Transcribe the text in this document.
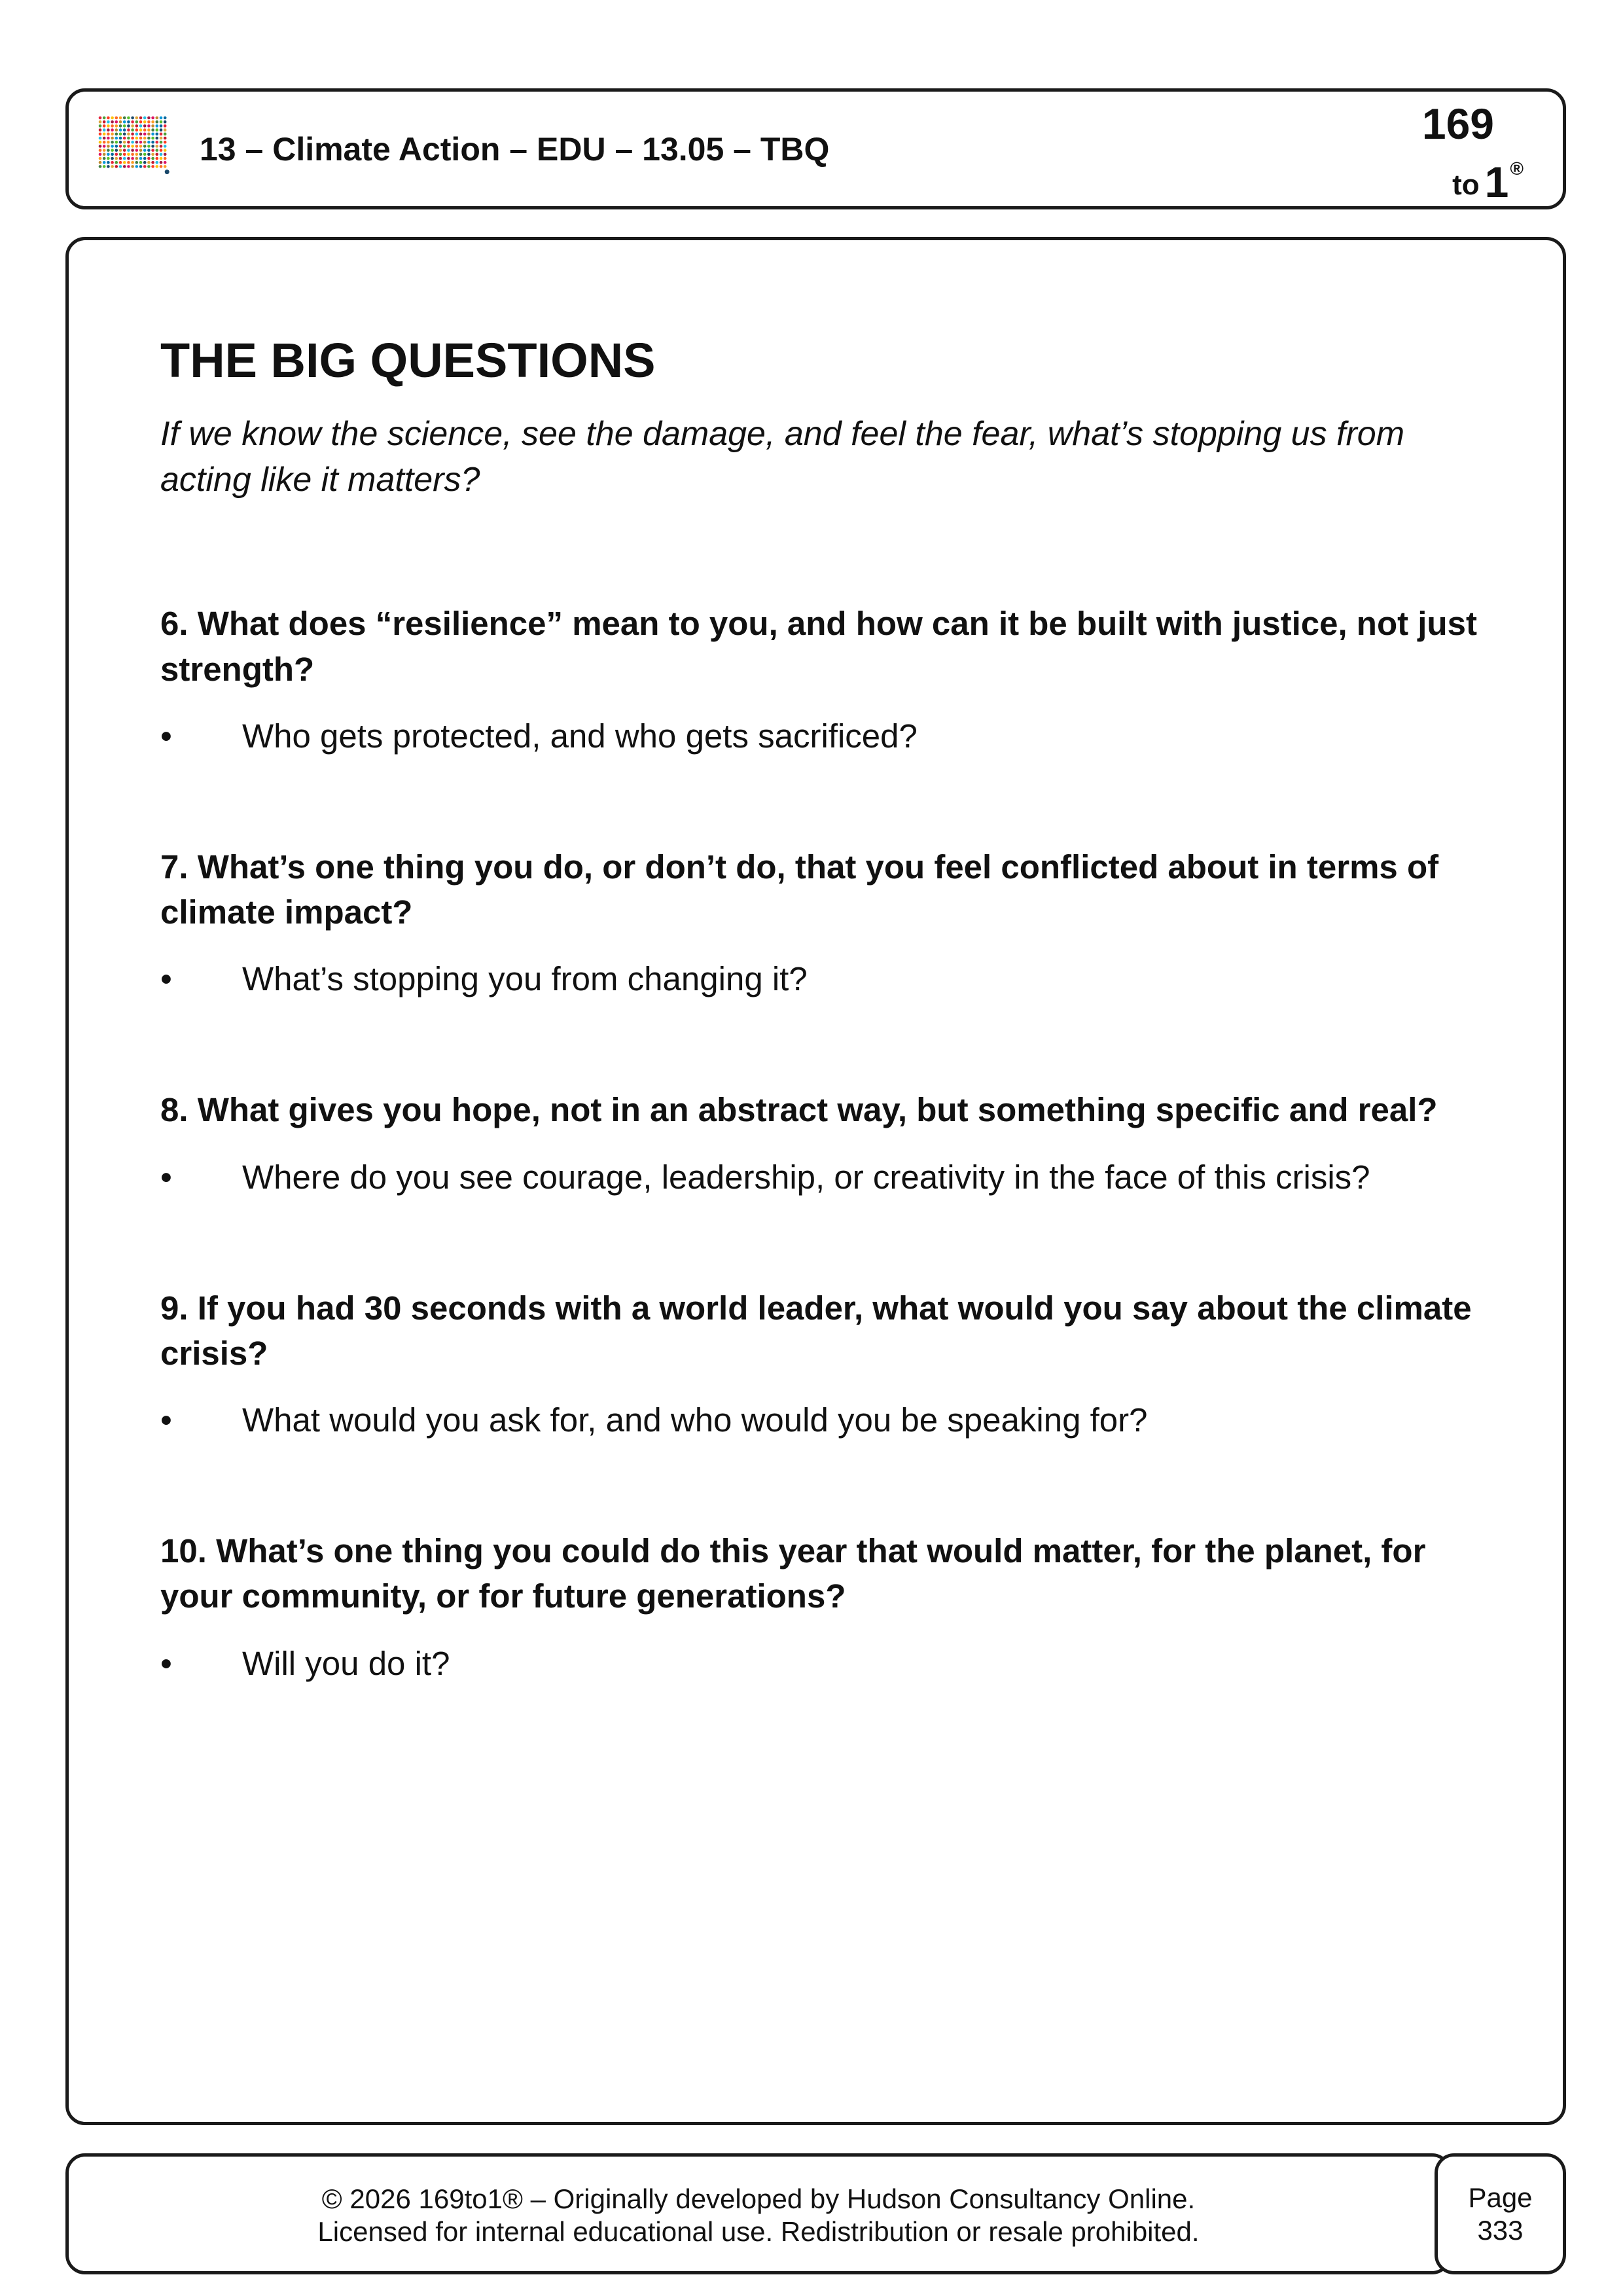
13 – Climate Action – EDU – 13.05 – TBQ
169
to 1®
THE BIG QUESTIONS

If we know the science, see the damage, and feel the fear, what’s stopping us from acting like it matters?

6. What does “resilience” mean to you, and how can it be built with justice, not just strength?

•	Who gets protected, and who gets sacrificed?

7. What’s one thing you do, or don’t do, that you feel conflicted about in terms of climate impact?

•	What’s stopping you from changing it?

8. What gives you hope, not in an abstract way, but something specific and real?

•	Where do you see courage, leadership, or creativity in the face of this crisis?

9. If you had 30 seconds with a world leader, what would you say about the climate crisis?

•	What would you ask for, and who would you be speaking for?

10. What’s one thing you could do this year that would matter, for the planet, for your community, or for future generations?

•	Will you do it?
© 2026 169to1® – Originally developed by Hudson Consultancy Online.
Licensed for internal educational use. Redistribution or resale prohibited.
Page
333
